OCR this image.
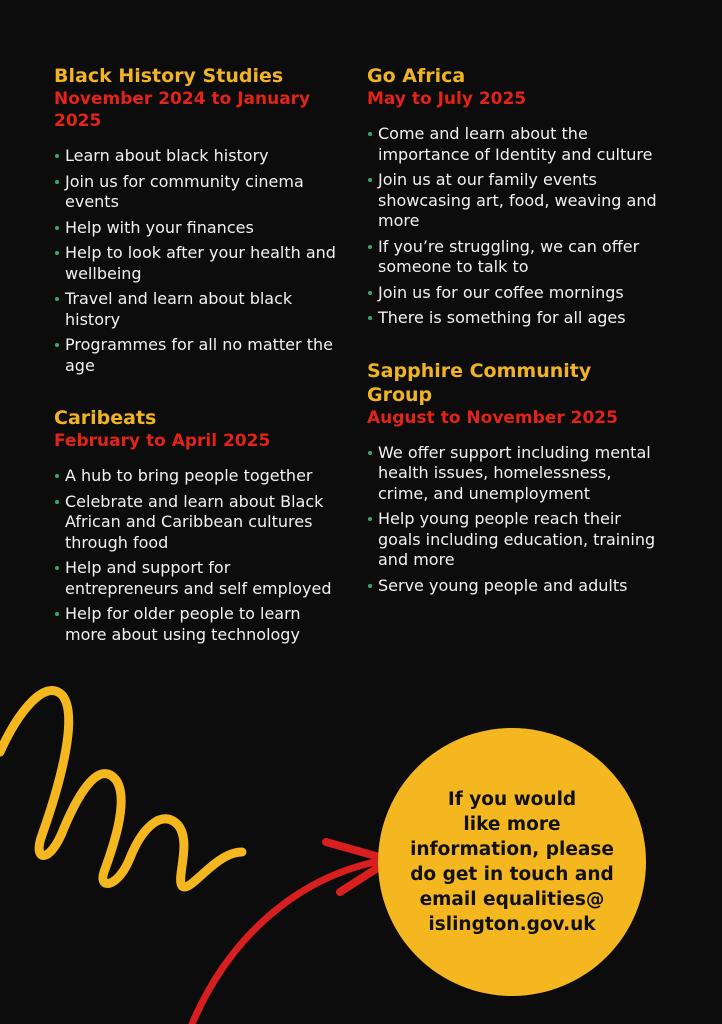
Black History Studies

November 2024 to January 2025

Learn about black history
Join us for community cinema events
Help with your finances
Help to look after your health and wellbeing
Travel and learn about black history
Programmes for all no matter the age
Caribeats

February to April 2025

A hub to bring people together
Celebrate and learn about Black African and Caribbean cultures through food
Help and support for entrepreneurs and self employed
Help for older people to learn more about using technology
Go Africa

May to July 2025

Come and learn about the importance of Identity and culture
Join us at our family events showcasing art, food, weaving and more
If you’re struggling, we can offer someone to talk to
Join us for our coffee mornings
There is something for all ages
Sapphire Community Group

August to November 2025

We offer support including mental health issues, homelessness, crime, and unemployment
Help young people reach their goals including education, training and more
Serve young people and adults

If you would
like more
information, please
do get in touch and
email equalities@
islington.gov.uk
